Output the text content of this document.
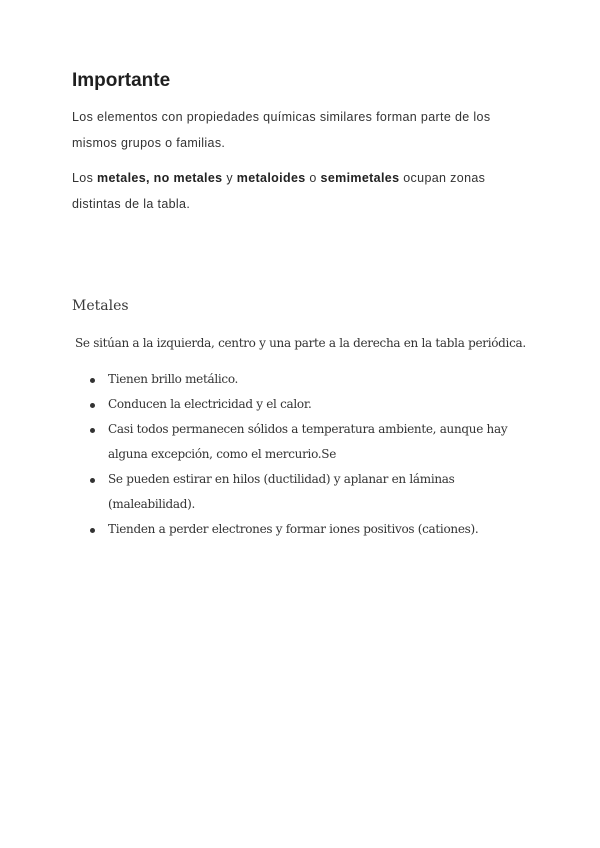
Importante

Los elementos con propiedades químicas similares forman parte de los mismos grupos o familias.

Los metales, no metales y metaloides o semimetales ocupan zonas distintas de la tabla.

Metales

Se sitúan a la izquierda, centro y una parte a la derecha en la tabla periódica.

Tienen brillo metálico.
Conducen la electricidad y el calor.
Casi todos permanecen sólidos a temperatura ambiente, aunque hay alguna excepción, como el mercurio.Se
Se pueden estirar en hilos (ductilidad) y aplanar en láminas (maleabilidad).
Tienden a perder electrones y formar iones positivos (cationes).
